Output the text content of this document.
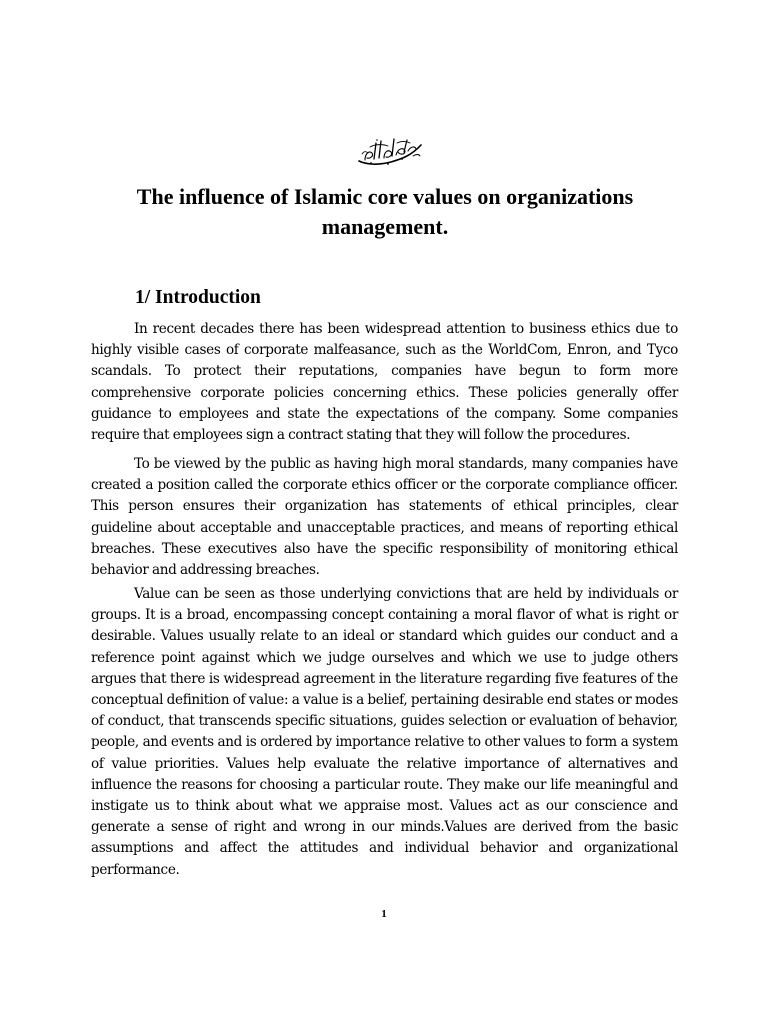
The influence of Islamic core values on organizations management.
1/ Introduction

In recent decades there has been widespread attention to business ethics due to highly visible cases of corporate malfeasance, such as the WorldCom, Enron, and Tyco scandals. To protect their reputations, companies have begun to form more comprehensive corporate policies concerning ethics. These policies generally offer guidance to employees and state the expectations of the company. Some companies require that employees sign a contract stating that they will follow the procedures.

To be viewed by the public as having high moral standards, many companies have created a position called the corporate ethics officer or the corporate compliance officer. This person ensures their organization has statements of ethical principles, clear guideline about acceptable and unacceptable practices, and means of reporting ethical breaches. These executives also have the specific responsibility of monitoring ethical behavior and addressing breaches.

Value can be seen as those underlying convictions that are held by individuals or groups. It is a broad, encompassing concept containing a moral flavor of what is right or desirable. Values usually relate to an ideal or standard which guides our conduct and a reference point against which we judge ourselves and which we use to judge others argues that there is widespread agreement in the literature regarding five features of the conceptual definition of value: a value is a belief, pertaining desirable end states or modes of conduct, that transcends specific situations, guides selection or evaluation of behavior, people, and events and is ordered by importance relative to other values to form a system of value priorities. Values help evaluate the relative importance of alternatives and influence the reasons for choosing a particular route. They make our life meaningful and instigate us to think about what we appraise most. Values act as our conscience and generate a sense of right and wrong in our minds.Values are derived from the basic assumptions and affect the attitudes and individual behavior and organizational performance.

1
